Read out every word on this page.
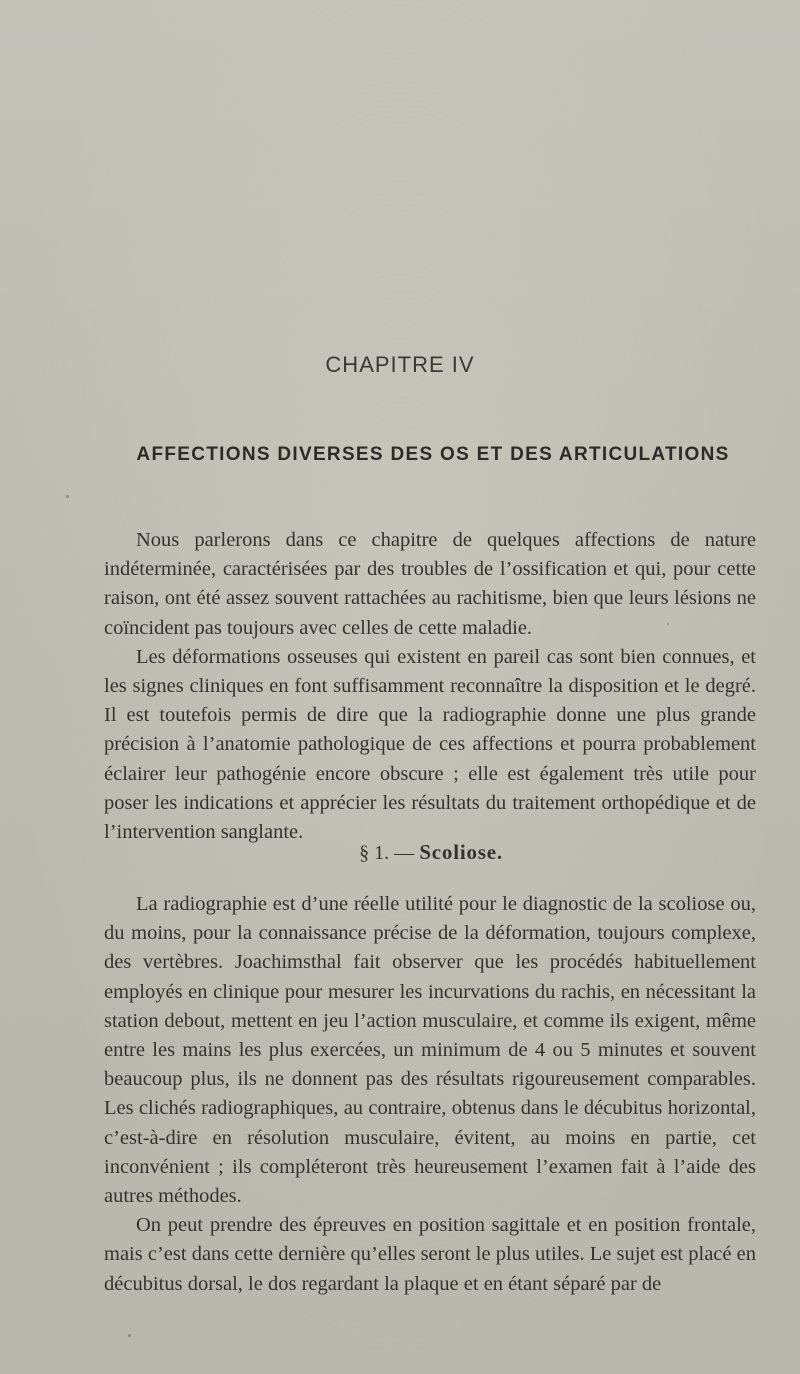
CHAPITRE IV
AFFECTIONS DIVERSES DES OS ET DES ARTICULATIONS

Nous parlerons dans ce chapitre de quelques affections de nature indéterminée, caractérisées par des troubles de l’ossification et qui, pour cette raison, ont été assez souvent rattachées au rachitisme, bien que leurs lésions ne coïncident pas toujours avec celles de cette maladie.

Les déformations osseuses qui existent en pareil cas sont bien connues, et les signes cliniques en font suffisamment reconnaître la disposition et le degré. Il est toutefois permis de dire que la radiographie donne une plus grande précision à l’anatomie pathologique de ces affections et pourra probablement éclairer leur pathogénie encore obscure ; elle est également très utile pour poser les indications et apprécier les résultats du traitement orthopédique et de l’intervention sanglante.

§ 1. — Scoliose.

La radiographie est d’une réelle utilité pour le diagnostic de la scoliose ou, du moins, pour la connaissance précise de la déformation, toujours complexe, des vertèbres. Joachimsthal fait observer que les procédés habituellement employés en clinique pour mesurer les incurvations du rachis, en nécessitant la station debout, mettent en jeu l’action musculaire, et comme ils exigent, même entre les mains les plus exercées, un minimum de 4 ou 5 minutes et souvent beaucoup plus, ils ne donnent pas des résultats rigoureusement comparables. Les clichés radiographiques, au contraire, obtenus dans le décubitus horizontal, c’est-à-dire en résolution musculaire, évitent, au moins en partie, cet inconvénient ; ils compléteront très heureusement l’examen fait à l’aide des autres méthodes.

On peut prendre des épreuves en position sagittale et en position frontale, mais c’est dans cette dernière qu’elles seront le plus utiles. Le sujet est placé en décubitus dorsal, le dos regardant la plaque et en étant séparé par de
